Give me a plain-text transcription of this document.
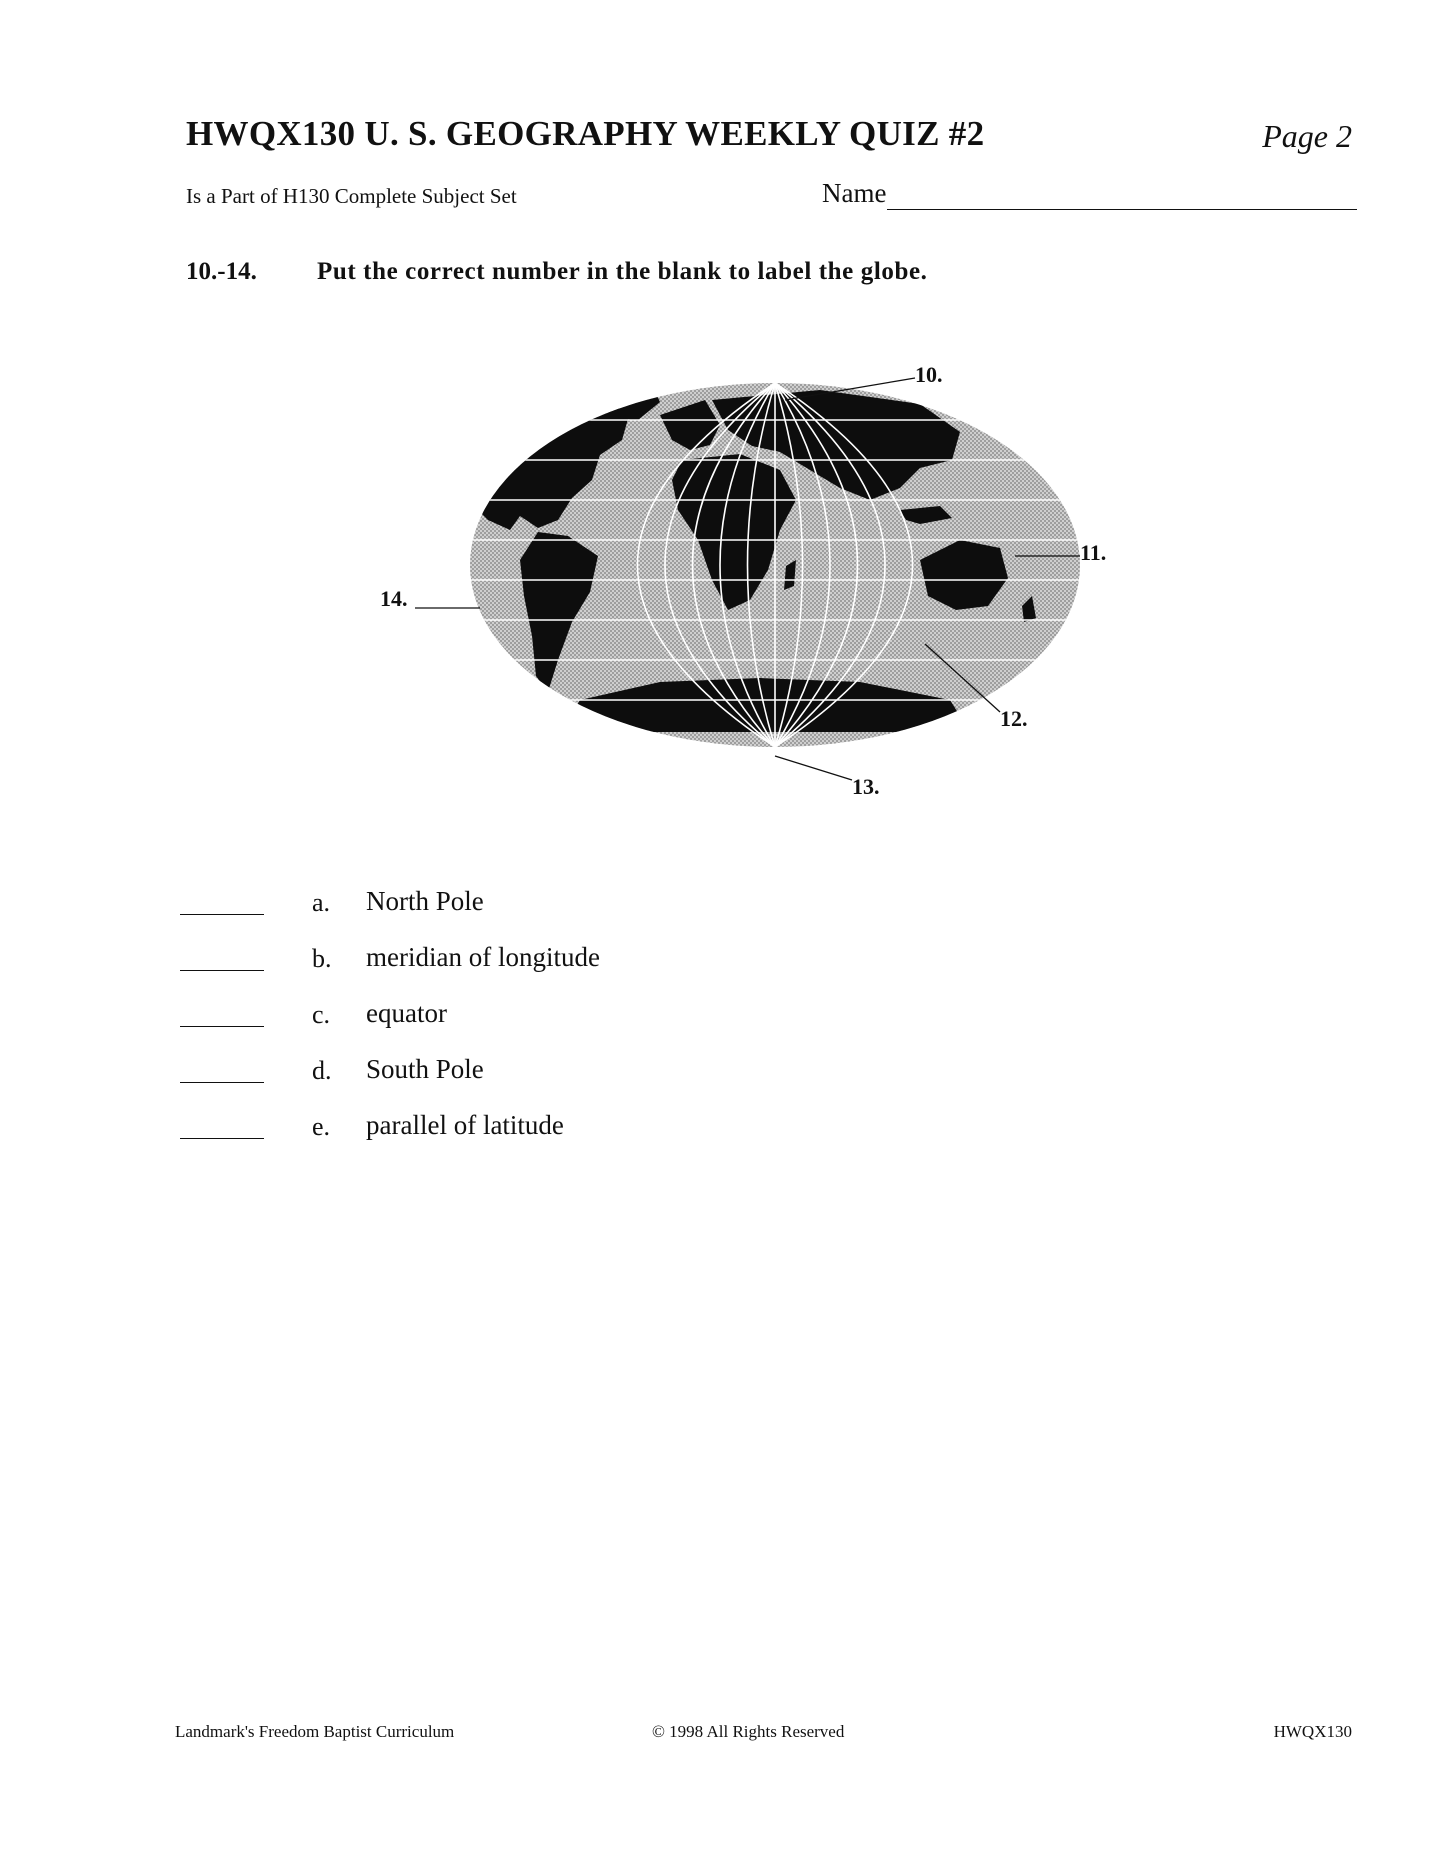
HWQX130 U. S. GEOGRAPHY WEEKLY QUIZ #2	Page 2
Is a Part of H130 Complete Subject Set	Name
10.-14. Put the correct number in the blank to label the globe.
10.
11.
12.
13.
14.
a. North Pole
b. meridian of longitude
c. equator
d. South Pole
e. parallel of latitude
Landmark's Freedom Baptist Curriculum	© 1998 All Rights Reserved	HWQX130
